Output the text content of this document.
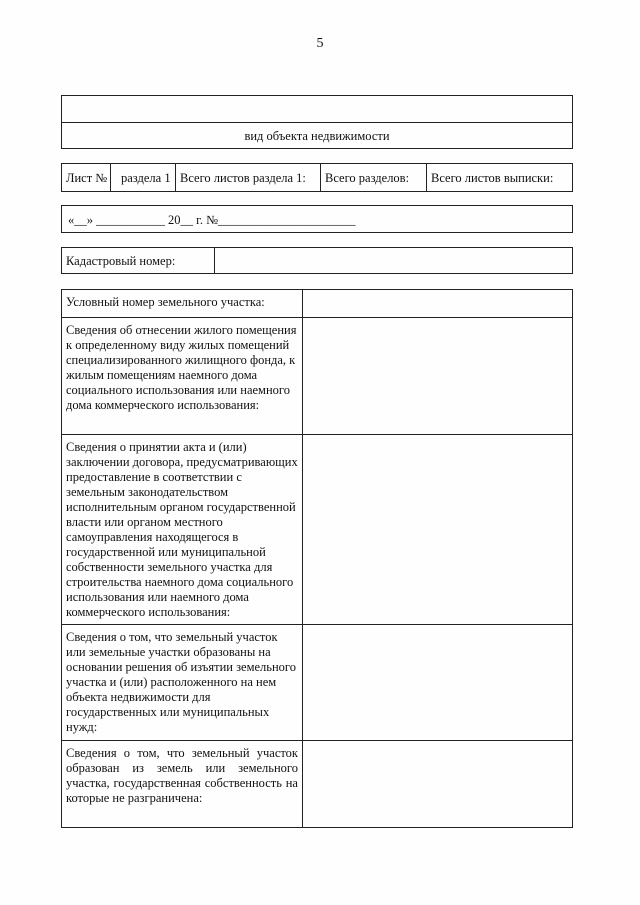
5
вид объекта недвижимости
Лист №	раздела 1 Всего листов раздела 1:	Всего разделов:	Всего листов выписки:
«__» ___________ 20__ г. №______________________
Кадастровый номер:
Условный номер земельного участка:
Сведения об отнесении жилого помещения к определенному виду жилых помещений специализированного жилищного фонда, к жилым помещениям наемного дома социального использования или наемного дома коммерческого использования:
Сведения о принятии акта и (или) заключении договора, предусматривающих предоставление в соответствии с земельным законодательством исполнительным органом государственной власти или органом местного самоуправления находящегося в государственной или муниципальной собственности земельного участка для строительства наемного дома социального использования или наемного дома коммерческого использования:
Сведения о том, что земельный участок или земельные участки образованы на основании решения об изъятии земельного участка и (или) расположенного на нем объекта недвижимости для государственных или муниципальных нужд:
Сведения о том, что земельный участок образован из земель или земельного участка, государственная собственность на которые не разграничена:
